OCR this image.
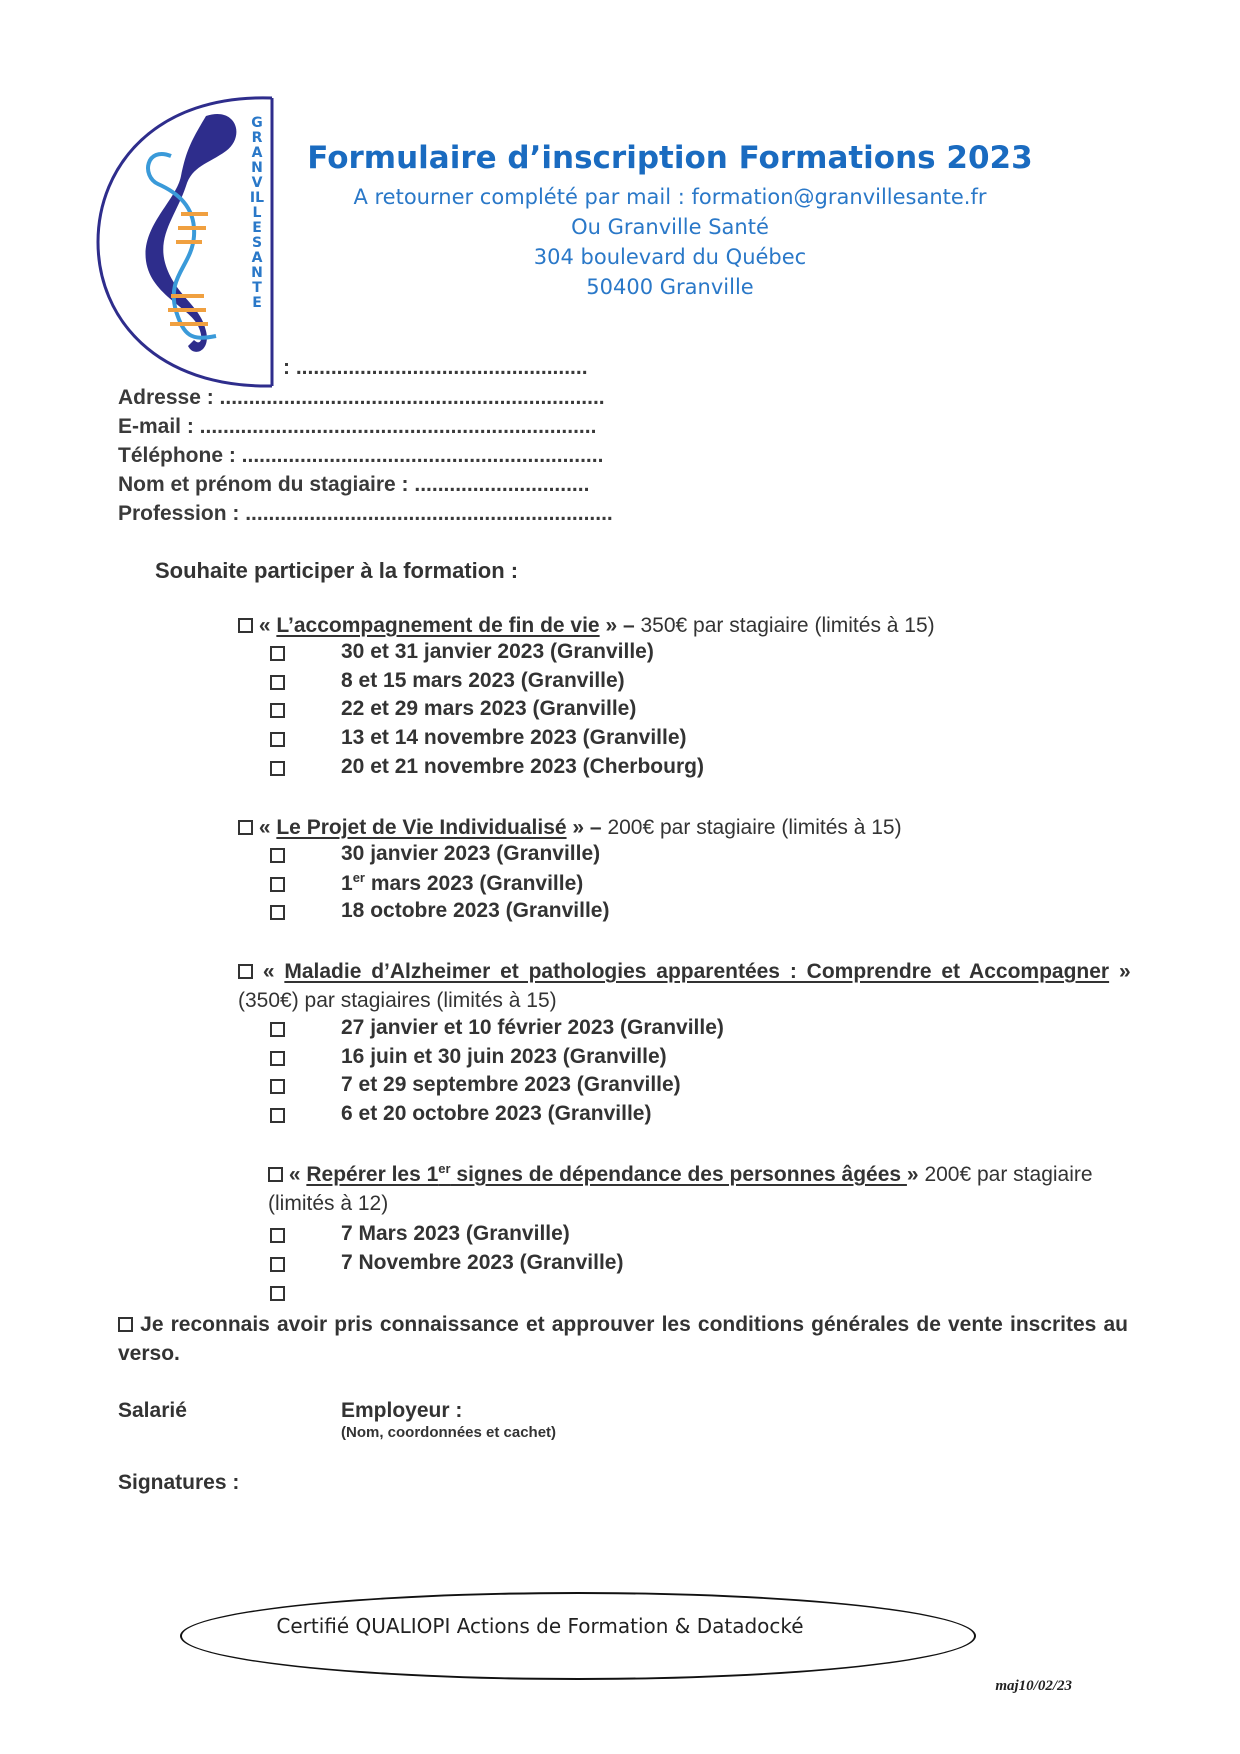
GRANVILLE SANTE
Formulaire d’inscription Formations 2023
A retourner complété par mail : formation@granvillesante.fr
Ou Granville Santé
304 boulevard du Québec
50400 Granville
: ..................................................
Adresse : ..................................................................
E-mail : ....................................................................
Téléphone : ..............................................................
Nom et prénom du stagiaire : ..............................
Profession : ...............................................................
Souhaite participer à la formation :
« L’accompagnement de fin de vie » – 350€ par stagiaire (limités à 15)
30 et 31 janvier 2023 (Granville)
8 et 15 mars 2023 (Granville)
22 et 29 mars 2023 (Granville)
13 et 14 novembre 2023 (Granville)
20 et 21 novembre 2023 (Cherbourg)
« Le Projet de Vie Individualisé » – 200€ par stagiaire (limités à 15)
30 janvier 2023 (Granville)
1er mars 2023 (Granville)
18 octobre 2023 (Granville)
« Maladie d’Alzheimer et pathologies apparentées : Comprendre et Accompagner »
(350€) par stagiaires (limités à 15)
27 janvier et 10 février 2023 (Granville)
16 juin et 30 juin 2023 (Granville)
7 et 29 septembre 2023 (Granville)
6 et 20 octobre 2023 (Granville)
« Repérer les 1er signes de dépendance des personnes âgées » 200€ par stagiaire
(limités à 12)
7 Mars 2023 (Granville)
7 Novembre 2023 (Granville)
Je reconnais avoir pris connaissance et approuver les conditions générales de vente inscrites au verso.
Salarié	Employeur :
(Nom, coordonnées et cachet)
Signatures :
Certifié QUALIOPI Actions de Formation & Datadocké
maj10/02/23
